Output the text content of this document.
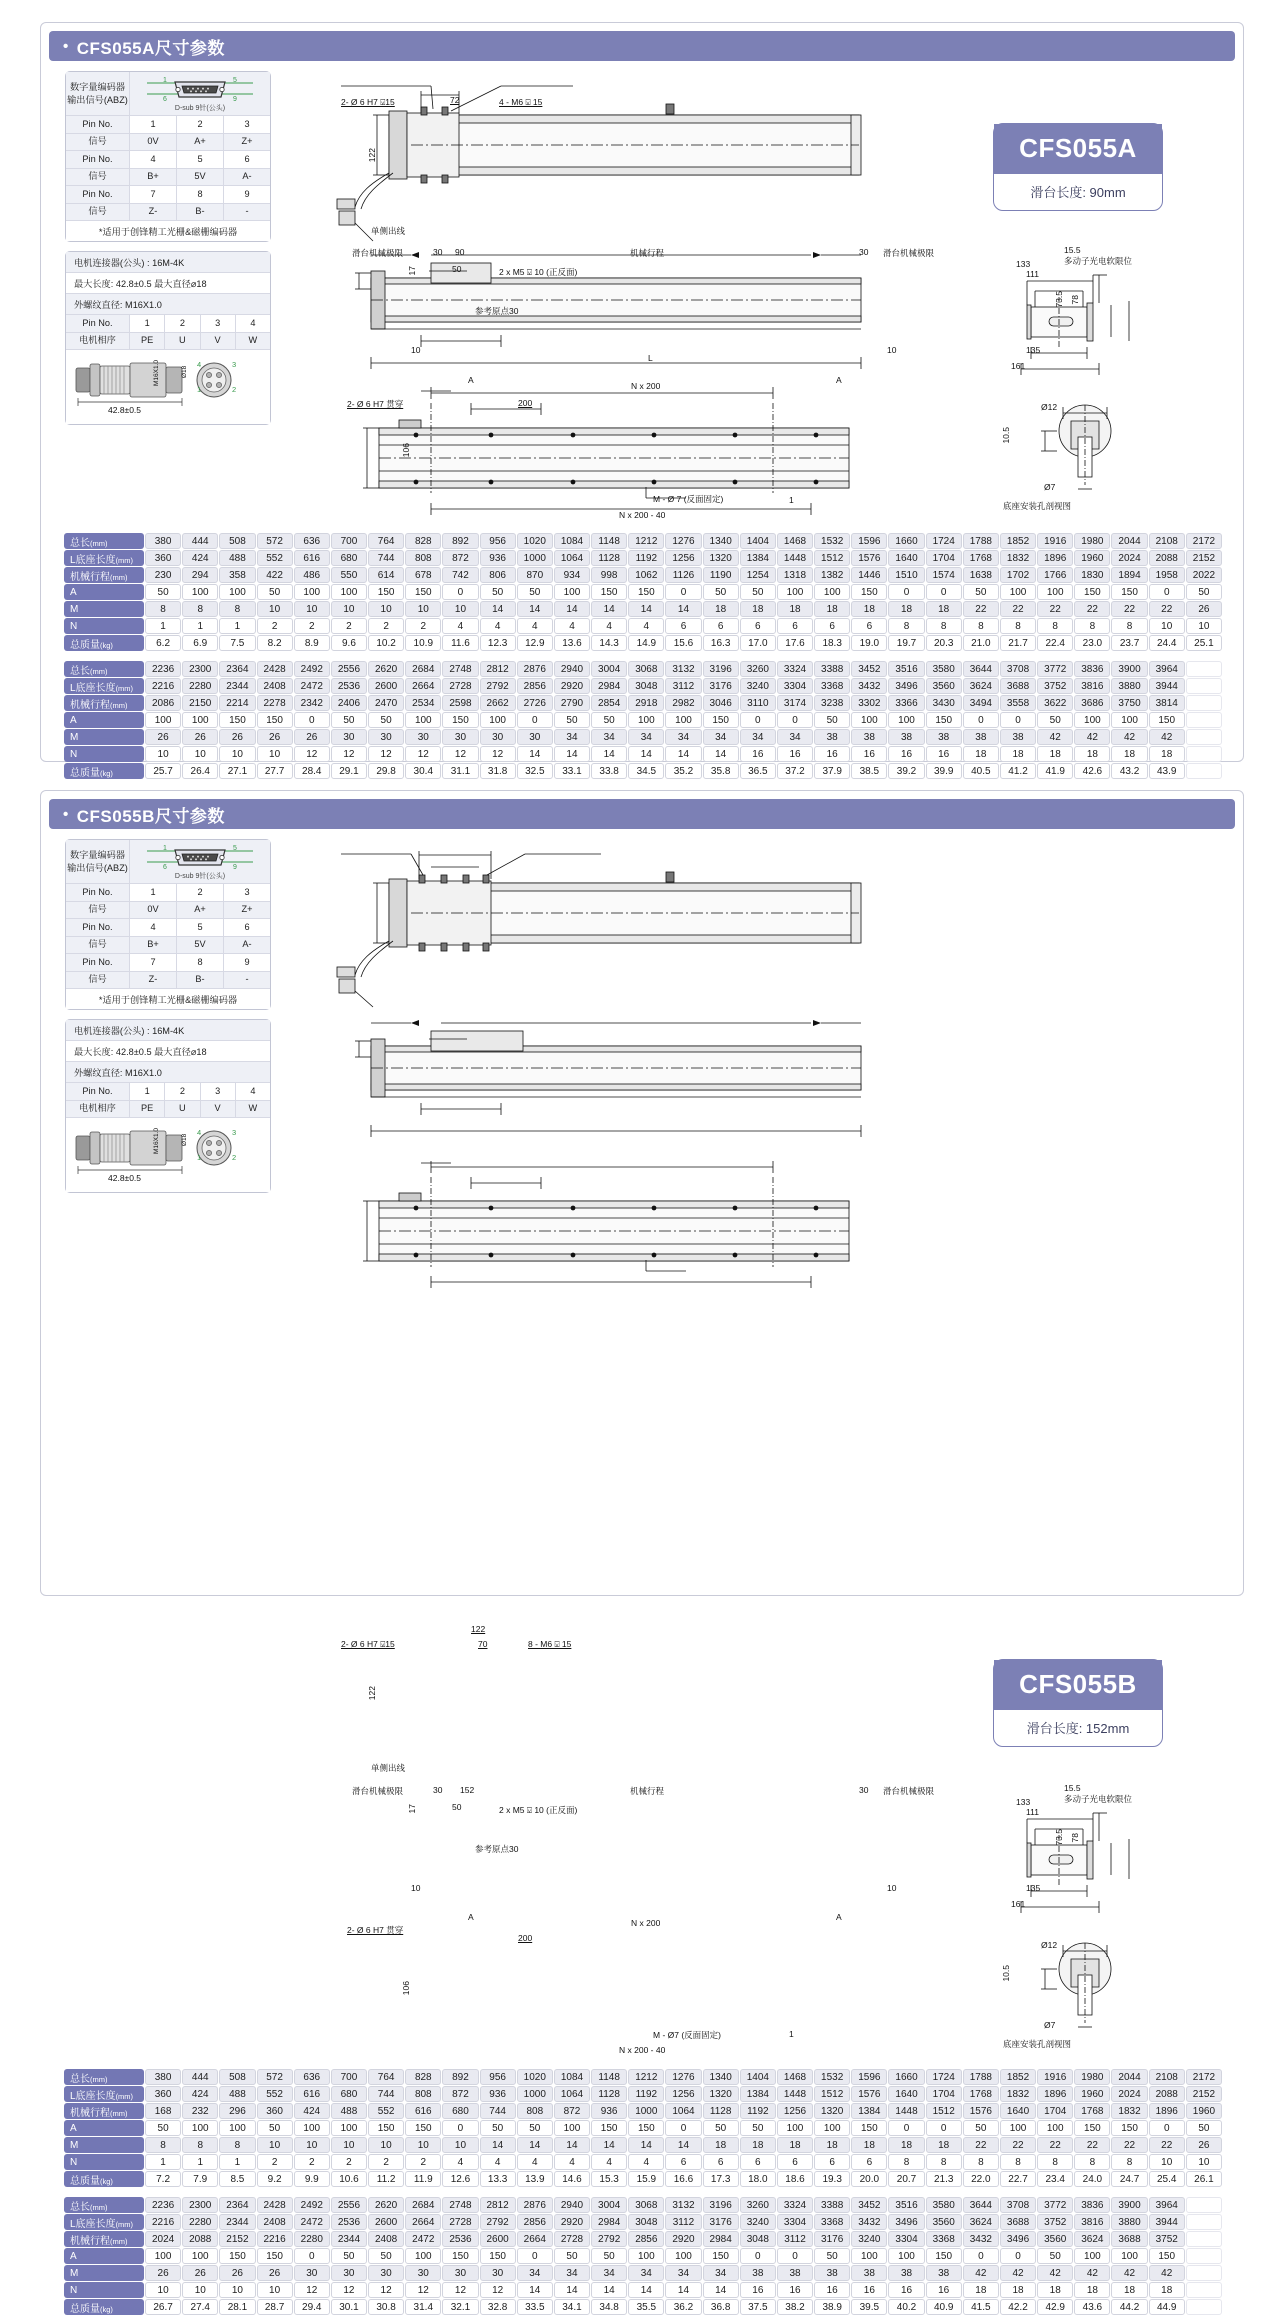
• CFS055A尺寸参数
数字量编码器
输出信号(ABZ)
1
6
5
9
D-sub 9针(公头)
Pin No.	1	2	3
信号	0V	A+	Z+
Pin No.	4	5	6
信号	B+	5V	A-
Pin No.	7	8	9
信号	Z-	B-	-
*适用于创锋精工光栅&磁栅编码器
电机连接器(公头) : 16M-4K
最大长度: 42.8±0.5 最大直径⌀18
外螺纹直径: M16X1.0
Pin No.	1	2	3	4
电机相序	PE	U	V	W
42.8±0.5
M16X1.0	4
1
3
2
Ø18
2- Ø 6 H7 ⍌15	72	4 - M6 ⍌ 15
122
单侧出线
滑台机械极限	滑台机械极限
30 90	机械行程	30
17	50	2 x M5 ⍌ 10 (正反面)
参考原点30
10
L
10
A	A
N x 200
200
2- Ø 6 H7 贯穿
106
M - Ø 7 (反面固定)	1
N x 200 - 40
133
111
135
161
73.5 78
15.5
多动子光电软限位
Ø12
Ø7
10.5
底座安装孔剖视图
CFS055A
滑台长度: 90mm
总长(mm)	380	444	508	572	636	700	764	828	892	956	1020	1084	1148	1212	1276	1340	1404	1468	1532	1596	1660	1724	1788	1852	1916	1980	2044	2108	2172
L底座长度(mm)	360	424	488	552	616	680	744	808	872	936	1000	1064	1128	1192	1256	1320	1384	1448	1512	1576	1640	1704	1768	1832	1896	1960	2024	2088	2152
机械行程(mm)	230	294	358	422	486	550	614	678	742	806	870	934	998	1062	1126	1190	1254	1318	1382	1446	1510	1574	1638	1702	1766	1830	1894	1958	2022
A	50	100	100	50	100	100	150	150	0	50	50	100	150	150	0	50	50	100	100	150	0	0	50	100	100	150	150	0	50
M	8	8	8	10	10	10	10	10	10	14	14	14	14	14	14	18	18	18	18	18	18	18	22	22	22	22	22	22	26
N	1	1	1	2	2	2	2	2	4	4	4	4	4	4	6	6	6	6	6	6	8	8	8	8	8	8	8	10	10
总质量(kg)	6.2	6.9	7.5	8.2	8.9	9.6	10.2	10.9	11.6	12.3	12.9	13.6	14.3	14.9	15.6	16.3	17.0	17.6	18.3	19.0	19.7	20.3	21.0	21.7	22.4	23.0	23.7	24.4	25.1
总长(mm)	2236	2300	2364	2428	2492	2556	2620	2684	2748	2812	2876	2940	3004	3068	3132	3196	3260	3324	3388	3452	3516	3580	3644	3708	3772	3836	3900	3964	
L底座长度(mm)	2216	2280	2344	2408	2472	2536	2600	2664	2728	2792	2856	2920	2984	3048	3112	3176	3240	3304	3368	3432	3496	3560	3624	3688	3752	3816	3880	3944	
机械行程(mm)	2086	2150	2214	2278	2342	2406	2470	2534	2598	2662	2726	2790	2854	2918	2982	3046	3110	3174	3238	3302	3366	3430	3494	3558	3622	3686	3750	3814	
A	100	100	150	150	0	50	50	100	150	100	0	50	50	100	100	150	0	0	50	100	100	150	0	0	50	100	100	150	
M	26	26	26	26	26	30	30	30	30	30	30	34	34	34	34	34	34	34	38	38	38	38	38	38	42	42	42	42	
N	10	10	10	10	12	12	12	12	12	12	14	14	14	14	14	14	16	16	16	16	16	16	18	18	18	18	18	18	
总质量(kg)	25.7	26.4	27.1	27.7	28.4	29.1	29.8	30.4	31.1	31.8	32.5	33.1	33.8	34.5	35.2	35.8	36.5	37.2	37.9	38.5	39.2	39.9	40.5	41.2	41.9	42.6	43.2	43.9	
• CFS055B尺寸参数
数字量编码器
输出信号(ABZ)
1
6
5
9
D-sub 9针(公头)
Pin No.	1	2	3
信号	0V	A+	Z+
Pin No.	4	5	6
信号	B+	5V	A-
Pin No.	7	8	9
信号	Z-	B-	-
*适用于创锋精工光栅&磁栅编码器
电机连接器(公头) : 16M-4K
最大长度: 42.8±0.5 最大直径⌀18
外螺纹直径: M16X1.0
Pin No.	1	2	3	4
电机相序	PE	U	V	W
42.8±0.5
M16X1.0	4
1
3
2
Ø18
2- Ø 6 H7 ⍌15
122
70	8 - M6 ⍌ 15
122
单侧出线
滑台机械极限	滑台机械极限
30 152	机械行程	30
17	50	2 x M5 ⍌ 10 (正反面)
参考原点30
10	10
A	A
N x 200
200
2- Ø 6 H7 贯穿
106
M - Ø7 (反面固定)	1
N x 200 - 40
133
111
135
161
73.5 78
15.5
多动子光电软限位
Ø12
Ø7
10.5
底座安装孔剖视图
CFS055B
滑台长度: 152mm
总长(mm)	380	444	508	572	636	700	764	828	892	956	1020	1084	1148	1212	1276	1340	1404	1468	1532	1596	1660	1724	1788	1852	1916	1980	2044	2108	2172
L底座长度(mm)	360	424	488	552	616	680	744	808	872	936	1000	1064	1128	1192	1256	1320	1384	1448	1512	1576	1640	1704	1768	1832	1896	1960	2024	2088	2152
机械行程(mm)	168	232	296	360	424	488	552	616	680	744	808	872	936	1000	1064	1128	1192	1256	1320	1384	1448	1512	1576	1640	1704	1768	1832	1896	1960
A	50	100	100	50	100	100	150	150	0	50	50	100	150	150	0	50	50	100	100	150	0	0	50	100	100	150	150	0	50
M	8	8	8	10	10	10	10	10	10	14	14	14	14	14	14	18	18	18	18	18	18	18	22	22	22	22	22	22	26
N	1	1	1	2	2	2	2	2	4	4	4	4	4	4	6	6	6	6	6	6	8	8	8	8	8	8	8	10	10
总质量(kg)	7.2	7.9	8.5	9.2	9.9	10.6	11.2	11.9	12.6	13.3	13.9	14.6	15.3	15.9	16.6	17.3	18.0	18.6	19.3	20.0	20.7	21.3	22.0	22.7	23.4	24.0	24.7	25.4	26.1
总长(mm)	2236	2300	2364	2428	2492	2556	2620	2684	2748	2812	2876	2940	3004	3068	3132	3196	3260	3324	3388	3452	3516	3580	3644	3708	3772	3836	3900	3964	
L底座长度(mm)	2216	2280	2344	2408	2472	2536	2600	2664	2728	2792	2856	2920	2984	3048	3112	3176	3240	3304	3368	3432	3496	3560	3624	3688	3752	3816	3880	3944	
机械行程(mm)	2024	2088	2152	2216	2280	2344	2408	2472	2536	2600	2664	2728	2792	2856	2920	2984	3048	3112	3176	3240	3304	3368	3432	3496	3560	3624	3688	3752	
A	100	100	150	150	0	50	50	100	150	150	0	50	50	100	100	150	0	0	50	100	100	150	0	0	50	100	100	150	
M	26	26	26	26	30	30	30	30	30	30	34	34	34	34	34	34	38	38	38	38	38	38	42	42	42	42	42	42	
N	10	10	10	10	12	12	12	12	12	12	14	14	14	14	14	14	16	16	16	16	16	16	18	18	18	18	18	18	
总质量(kg)	26.7	27.4	28.1	28.7	29.4	30.1	30.8	31.4	32.1	32.8	33.5	34.1	34.8	35.5	36.2	36.8	37.5	38.2	38.9	39.5	40.2	40.9	41.5	42.2	42.9	43.6	44.2	44.9	
